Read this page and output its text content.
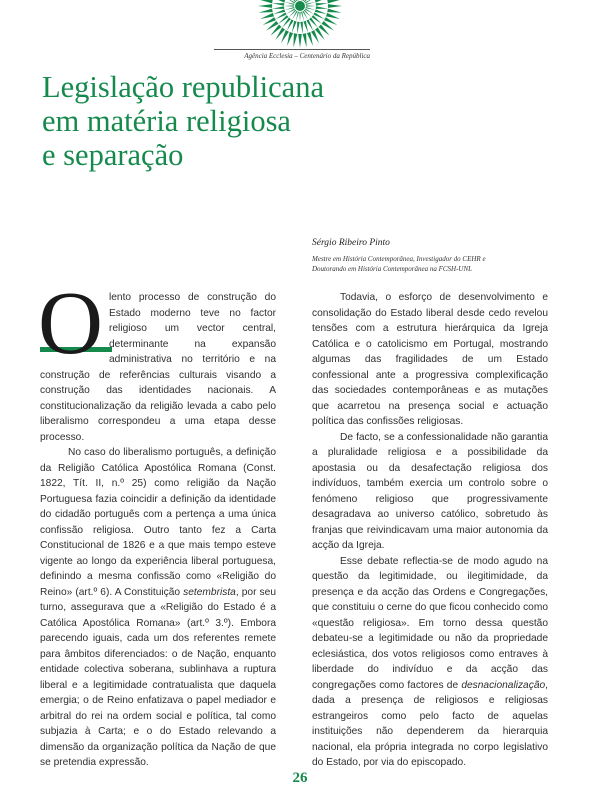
Agência Ecclesia – Centenário da República
Legislação republicana
em matéria religiosa
e separação
Sérgio Ribeiro Pinto
Mestre em História Contemporânea, Investigador do CEHR e
Doutorando em História Contemporânea na FCSH-UNL

Olento processo de construção do Estado moderno teve no factor religioso um vector central, determinante na expansão administrativa no território e na construção de referências culturais visando a construção das identidades nacionais. A constitucionalização da religião levada a cabo pelo liberalismo correspondeu a uma etapa desse processo.

No caso do liberalismo português, a definição da Religião Católica Apostólica Romana (Const. 1822, Tít. II, n.º 25) como religião da Nação Portuguesa fazia coincidir a definição da identidade do cidadão português com a pertença a uma única confissão religiosa. Outro tanto fez a Carta Constitucional de 1826 e a que mais tempo esteve vigente ao longo da experiência liberal portuguesa, definindo a mesma confissão como «Religião do Reino» (art.º 6). A Constituição setembrista, por seu turno, assegurava que a «Religião do Estado é a Católica Apostólica Romana» (art.º 3.º). Embora parecendo iguais, cada um dos referentes remete para âmbitos diferenciados: o de Nação, enquanto entidade colectiva soberana, sublinhava a ruptura liberal e a legitimidade contratualista que daquela emergia; o de Reino enfatizava o papel mediador e arbitral do rei na ordem social e política, tal como subjazia à Carta; e o do Estado relevando a dimensão da organização política da Nação de que se pretendia expressão.

Todavia, o esforço de desenvolvimento e consolidação do Estado liberal desde cedo revelou tensões com a estrutura hierárquica da Igreja Católica e o catolicismo em Portugal, mostrando algumas das fragilidades de um Estado confessional ante a progressiva complexificação das sociedades contemporâneas e as mutações que acarretou na presença social e actuação política das confissões religiosas.

De facto, se a confessionalidade não garantia a pluralidade religiosa e a possibilidade da apostasia ou da desafectação religiosa dos indivíduos, também exercia um controlo sobre o fenómeno religioso que progressivamente desagradava ao universo católico, sobretudo às franjas que reivindicavam uma maior autonomia da acção da Igreja.

Esse debate reflectia-se de modo agudo na questão da legitimidade, ou ilegitimidade, da presença e da acção das Ordens e Congregações, que constituiu o cerne do que ficou conhecido como «questão religiosa». Em torno dessa questão debateu-se a legitimidade ou não da propriedade eclesiástica, dos votos religiosos como entraves à liberdade do indivíduo e da acção das congregações como factores de desnacionalização, dada a presença de religiosos e religiosas estrangeiros como pelo facto de aquelas instituições não dependerem da hierarquia nacional, ela própria integrada no corpo legislativo do Estado, por via do episcopado.

26
